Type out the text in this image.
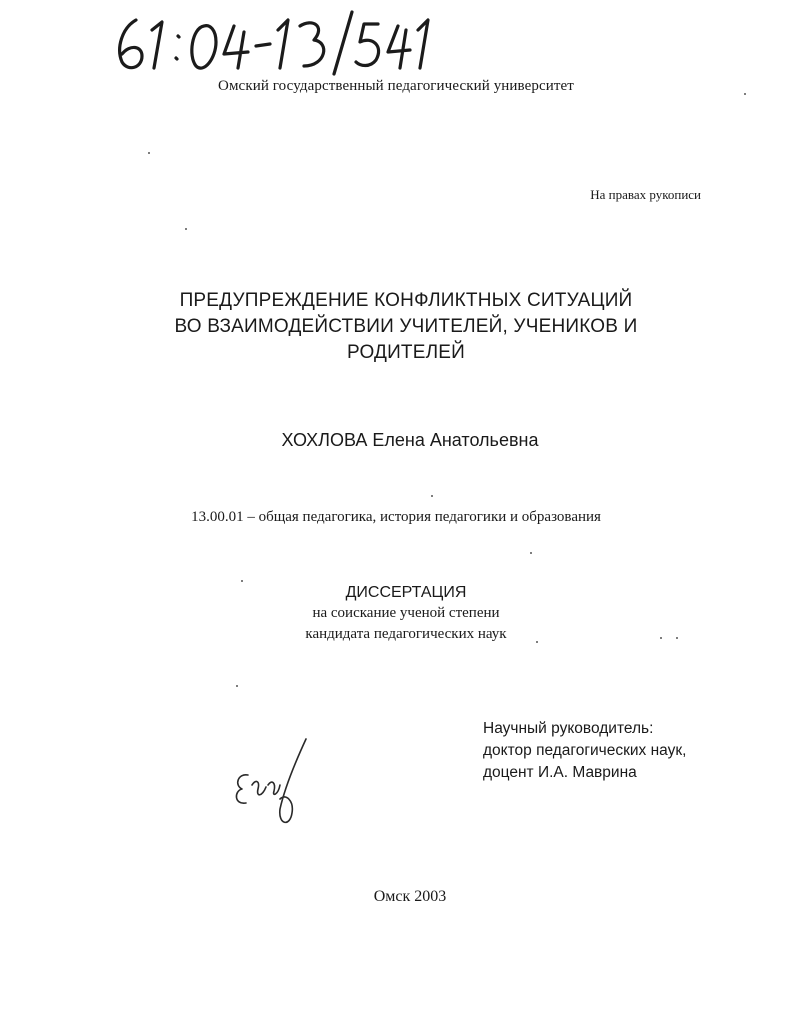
Омский государственный педагогический университет
На правах рукописи
ПРЕДУПРЕЖДЕНИЕ КОНФЛИКТНЫХ СИТУАЦИЙ
ВО ВЗАИМОДЕЙСТВИИ УЧИТЕЛЕЙ, УЧЕНИКОВ И
РОДИТЕЛЕЙ
ХОХЛОВА Елена Анатольевна
13.00.01 – общая педагогика, история педагогики и образования
ДИССЕРТАЦИЯ
на соискание ученой степени
кандидата педагогических наук
Научный руководитель:
доктор педагогических наук,
доцент И.А. Маврина
Омск 2003
